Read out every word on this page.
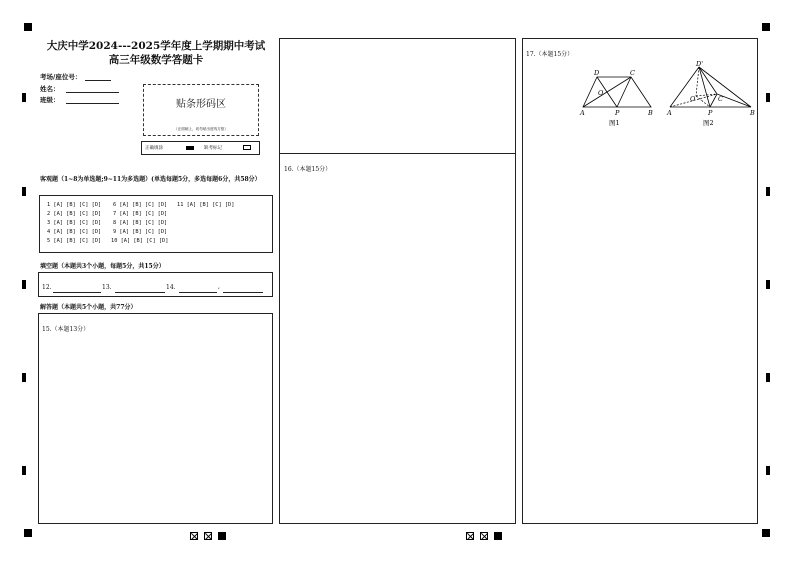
大庆中学2024---2025学年度上学期期中考试
高三年级数学答题卡
考场/座位号：
姓名：
班级：	贴条形码区
（正面朝上，切勿贴出虚线方框）
正确填涂	缺考标记
客观题（1~8为单选题;9~11为多选题）(单选每题5分，多选每题6分，共58分）
1 [A] [B] [C] [D]
2 [A] [B] [C] [D]
3 [A] [B] [C] [D]
4 [A] [B] [C] [D]
5 [A] [B] [C] [D]
6 [A] [B] [C] [D]
7 [A] [B] [C] [D]
8 [A] [B] [C] [D]
9 [A] [B] [C] [D]
10 [A] [B] [C] [D]
11 [A] [B] [C] [D]
填空题（本题共3个小题，每题5分，共15分）
12.	13.	14.	,
解答题（本题共5个小题，共77分）
15.（本题13分）
16.（本题15分）
17.（本题15分）
D	C
O
A	P	B
图1
D'
O	C
A	P	B
图2
